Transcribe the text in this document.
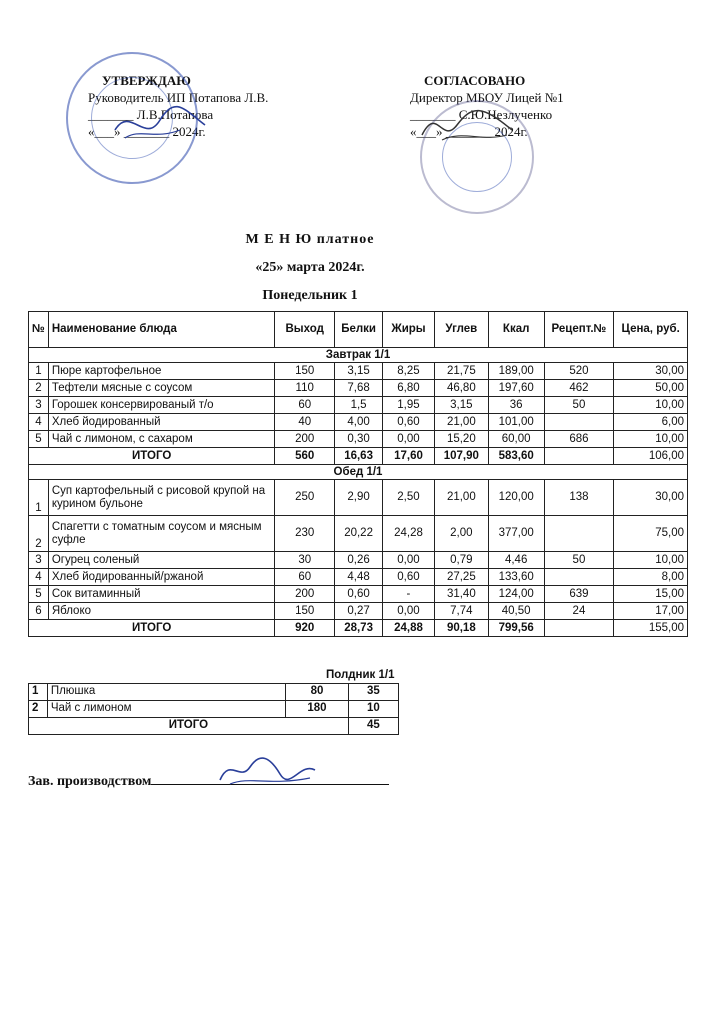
УТВЕРЖДАЮ
Руководитель ИП Потапова Л.В.
_______ Л.В.Потапова
«___» _______ 2024г.
СОГЛАСОВАНО
Директор МБОУ Лицей №1
_______ С.Ю.Незлученко
«___» _______ 2024г.
М Е Н Ю платное
«25» марта 2024г.
Понедельник 1
№	Наименование блюда	Выход	Белки	Жиры	Углев	Ккал	Рецепт.№	Цена, руб.
Завтрак 1/1								
1	Пюре картофельное	150	3,15	8,25	21,75	189,00	520	30,00
2	Тефтели мясные с соусом	110	7,68	6,80	46,80	197,60	462	50,00
3	Горошек консервированый т/о	60	1,5	1,95	3,15	36	50	10,00
4	Хлеб йодированный	40	4,00	0,60	21,00	101,00		6,00
5	Чай с лимоном, с сахаром	200	0,30	0,00	15,20	60,00	686	10,00
ИТОГО		560	16,63	17,60	107,90	583,60		106,00
Обед 1/1								
1	Суп картофельный с рисовой крупой на курином бульоне	250	2,90	2,50	21,00	120,00	138	30,00
2	Спагетти с томатным соусом и мясным суфле	230	20,22	24,28	2,00	377,00		75,00
3	Огурец соленый	30	0,26	0,00	0,79	4,46	50	10,00
4	Хлеб йодированный/ржаной	60	4,48	0,60	27,25	133,60		8,00
5	Сок витаминный	200	0,60	-	31,40	124,00	639	15,00
6	Яблоко	150	0,27	0,00	7,74	40,50	24	17,00
ИТОГО		920	28,73	24,88	90,18	799,56		155,00
Полдник 1/1			
1	Плюшка	80	35
2	Чай с лимоном	180	10
ИТОГО			45
Зав. производством
